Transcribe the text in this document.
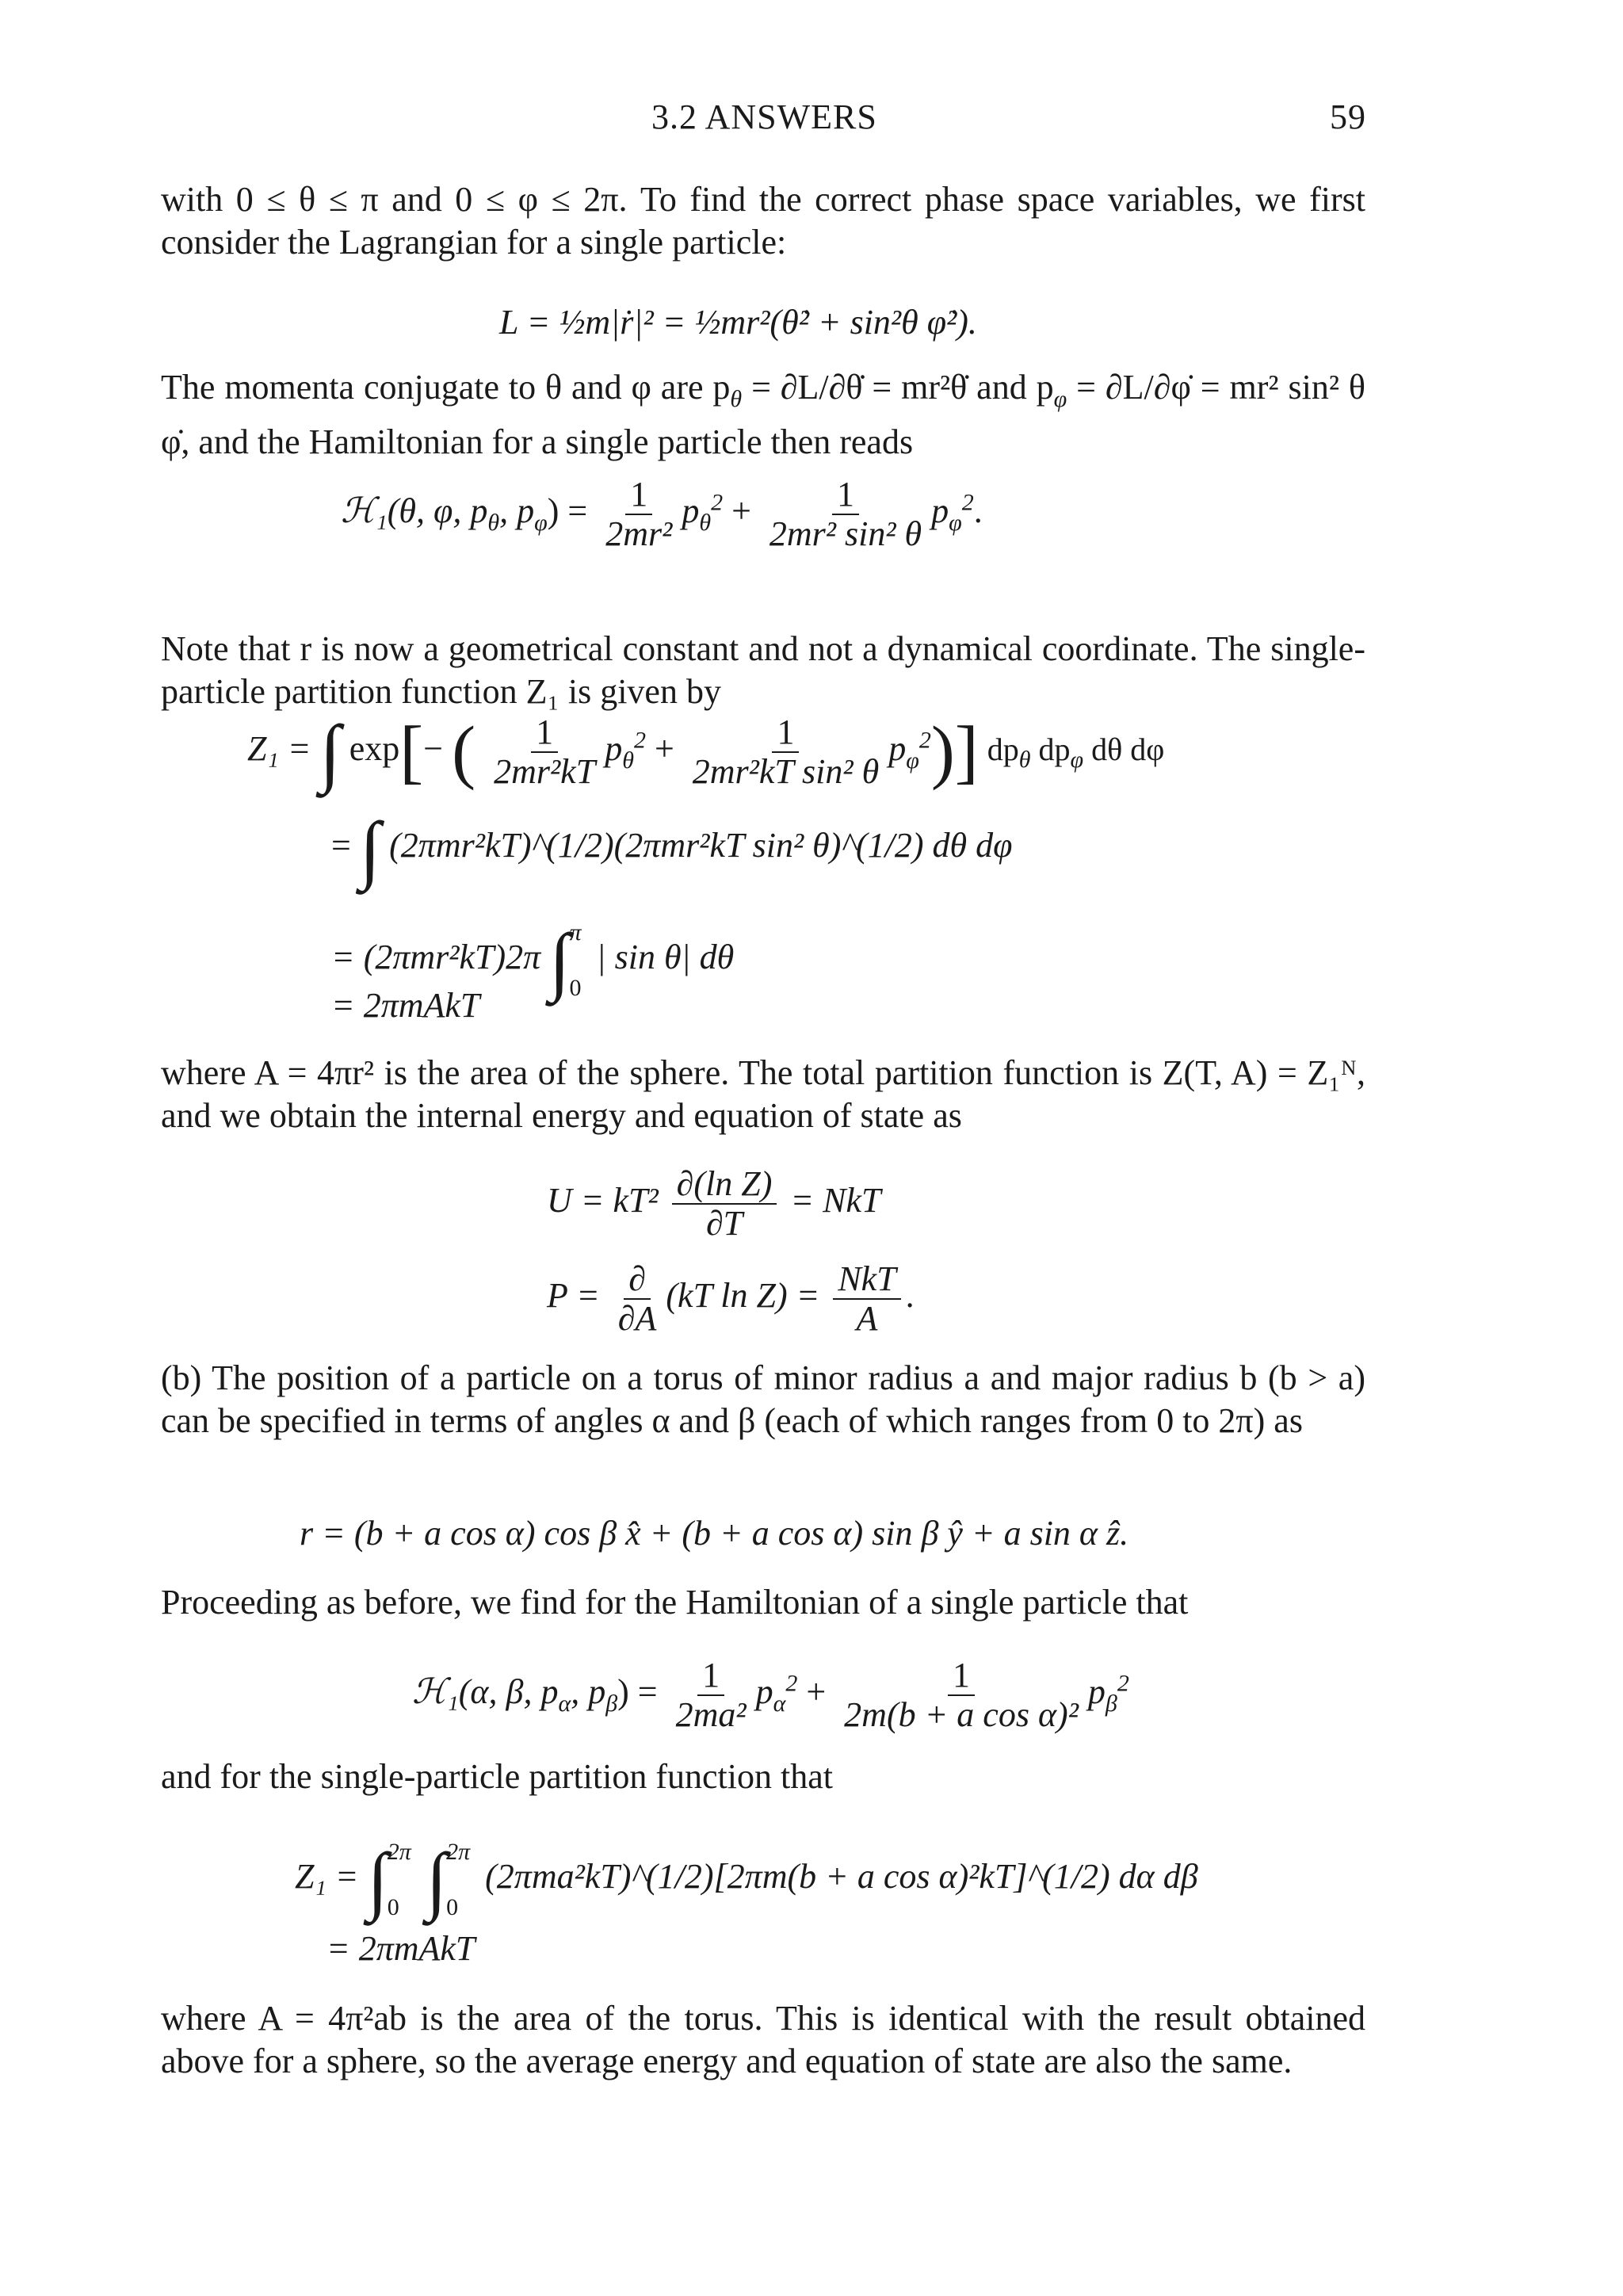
3.2 ANSWERS	59

with 0 ≤ θ ≤ π and 0 ≤ φ ≤ 2π. To find the correct phase space variables, we first consider the Lagrangian for a single particle:

L = ½m|ṙ|² = ½mr²(θ̇² + sin²θ φ̇²).

The momenta conjugate to θ and φ are $p_\theta$ = ∂L/∂θ̇ = mr²θ̇ and $p_\varphi$ = ∂L/∂φ̇ = mr² sin² θ φ̇, and the Hamiltonian for a single particle then reads

ℋ₁(θ, φ, $p_\theta$, $p_\varphi) = \frac{1}{\text{2mr²}} p_\theta^2 + \frac{1}{\text{2mr² sin² θ}} p_\varphi^2$.

Note that r is now a geometrical constant and not a dynamical coordinate. The single-particle partition function Z₁ is given by

Z₁ = ∫ exp[− ( $\frac{1}{\text{2mr²kT}} p_\theta^2 + \frac{1}{\text{2mr²kT sin² θ}} p_\varphi^2$)] $dp_\theta$ $dp_\varphi$ dθ dφ
= ∫ (2πmr²kT)^(1/2)(2πmr²kT sin² θ)^(1/2) dθ dφ
= (2πmr²kT)2π ∫ π
0
| sin θ| dθ
= 2πmAkT

where A = 4πr² is the area of the sphere. The total partition function is Z(T, A) = Z₁ᴺ, and we obtain the internal energy and equation of state as

$U = kT^2 \frac{\text{∂(ln Z)}}{\partial T}$ = NkT
$P = \frac{\partial}{\partial A} (kT$ $\ln Z) = \frac{\text{NkT}}{A}$ .

(b) The position of a particle on a torus of minor radius a and major radius b (b > a) can be specified in terms of angles α and β (each of which ranges from 0 to 2π) as

r = (b + a cos α) cos β x̂ + (b + a cos α) sin β ŷ + a sin α ẑ.

Proceeding as before, we find for the Hamiltonian of a single particle that

ℋ₁(α, β, $p_\alpha$, $p_\beta) = \frac{1}{\text{2ma²}} p_\alpha^2 + \frac{1}{\text{2m(b + a cos α)²}} p_\beta^2$

and for the single-particle partition function that

Z₁ = ∫ 2π
0 ∫ 2π
0
(2πma²kT)^(1/2)[2πm(b + a cos α)²kT]^(1/2) dα dβ
= 2πmAkT

where A = 4π²ab is the area of the torus. This is identical with the result obtained above for a sphere, so the average energy and equation of state are also the same.
